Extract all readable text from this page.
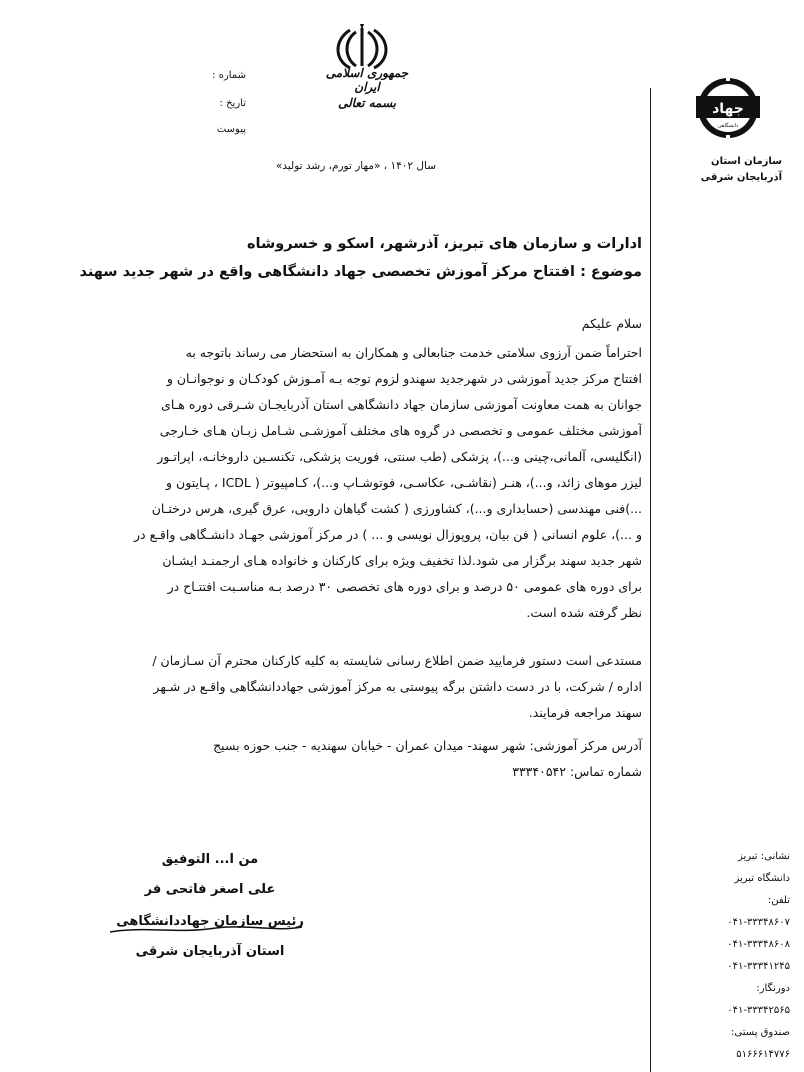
جمهوری اسلامی ایران
بسمه تعالی
شماره :
تاریخ :
پیوست
سال ۱۴۰۲ ، «مهار تورم، رشد تولید»
جهاد
دانشگاهی
سازمان استان
آذربایجان شرقی
نشانی: تبریز
دانشگاه تبریز
تلفن:
۰۴۱-۳۳۳۴۸۶۰۷
۰۴۱-۳۳۳۴۸۶۰۸
۰۴۱-۳۳۳۴۱۲۴۵
دورنگار:
۰۴۱-۳۳۳۴۲۵۶۵
صندوق پستی:
۵۱۶۶۶۱۴۷۷۶
ادارات و سازمان های تبریز، آذرشهر، اسکو و خسروشاه
موضوع : افتتاح مرکز آموزش تخصصی جهاد دانشگاهی واقع در شهر جدید سهند
سلام علیکم
احتراماً ضمن آرزوی سلامتی خدمت جنابعالی و همکاران به استحضار می رساند باتوجه به
افتتاح مرکز جدید آموزشی در شهرجدید سهندو لزوم توجه بـه آمـوزش کودکـان و نوجوانـان و
جوانان به همت معاونت آموزشی سازمان جهاد دانشگاهی استان آذربایجـان شـرقی دوره هـای
آموزشی مختلف عمومی و تخصصی در گروه های مختلف آموزشـی شـامل زبـان هـای خـارجی
(انگلیسی، آلمانی،چینی و...)، پزشکی (طب سنتی، فوریت پزشکی، تکنسـین داروخانـه، اپراتـور
لیزر موهای زائد، و...)، هنـر (نقاشـی، عکاسـی، فوتوشـاپ و...)، کـامپیوتر ( ICDL ، پـایتون و
...)فنی مهندسی (حسابداری و...)، کشاورزی ( کشت گیاهان دارویی، عرق گیری، هرس درختـان
و ...)، علوم انسانی ( فن بیان، پروپوزال نویسی و ... ) در مرکز آموزشی جهـاد دانشـگاهی واقـع در
شهر جدید سهند برگزار می شود.لذا تخفیف ویژه برای کارکنان و خانواده هـای ارجمنـد ایشـان
برای دوره های عمومی ۵۰ درصد و برای دوره های تخصصی ۳۰ درصد بـه مناسـبت افتتـاح در
نظر گرفته شده است.
مستدعی است دستور فرمایید ضمن اطلاع رسانی شایسته به کلیه کارکنان محترم آن سـازمان /
اداره / شرکت، با در دست داشتن برگه پیوستی به مرکز آموزشی جهاددانشگاهی واقـع در شـهر
سهند مراجعه فرمایند.
آدرس مرکز آموزشی: شهر سهند- میدان عمران - خیابان سهندیه - جنب حوزه بسیج
شماره تماس: ۳۳۳۴۰۵۴۲
من ا... التوفیق
علی اصغر فاتحی فر
رئیس سازمان جهاددانشگاهی
استان آذربایجان شرقی
